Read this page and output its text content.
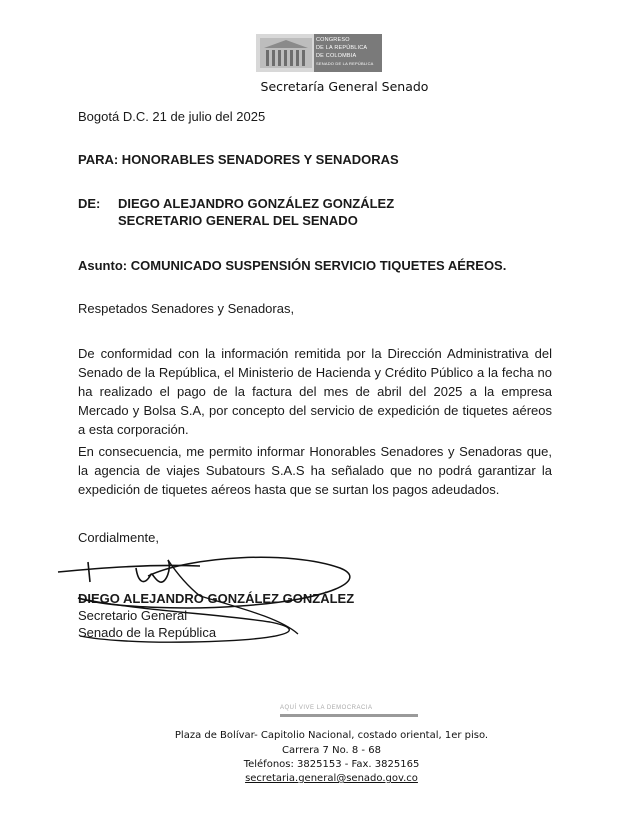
CONGRESO
DE LA REPÚBLICA
DE COLOMBIA
SENADO DE LA REPÚBLICA
Secretaría General Senado
Bogotá D.C. 21 de julio del 2025
PARA: HONORABLES SENADORES Y SENADORAS
DE: DIEGO ALEJANDRO GONZÁLEZ GONZÁLEZ
SECRETARIO GENERAL DEL SENADO
Asunto: COMUNICADO SUSPENSIÓN SERVICIO TIQUETES AÉREOS.
Respetados Senadores y Senadoras,
De conformidad con la información remitida por la Dirección Administrativa del Senado de la República, el Ministerio de Hacienda y Crédito Público a la fecha no ha realizado el pago de la factura del mes de abril del 2025 a la empresa Mercado y Bolsa S.A, por concepto del servicio de expedición de tiquetes aéreos a esta corporación.
En consecuencia, me permito informar Honorables Senadores y Senadoras que, la agencia de viajes Subatours S.A.S ha señalado que no podrá garantizar la expedición de tiquetes aéreos hasta que se surtan los pagos adeudados.
Cordialmente,
DIEGO ALEJANDRO GONZÁLEZ GONZÁLEZ
Secretario General
Senado de la República
AQUÍ VIVE LA DEMOCRACIA
Plaza de Bolívar- Capitolio Nacional, costado oriental, 1er piso.
Carrera 7 No. 8 - 68
Teléfonos: 3825153 - Fax. 3825165
secretaria.general@senado.gov.co
